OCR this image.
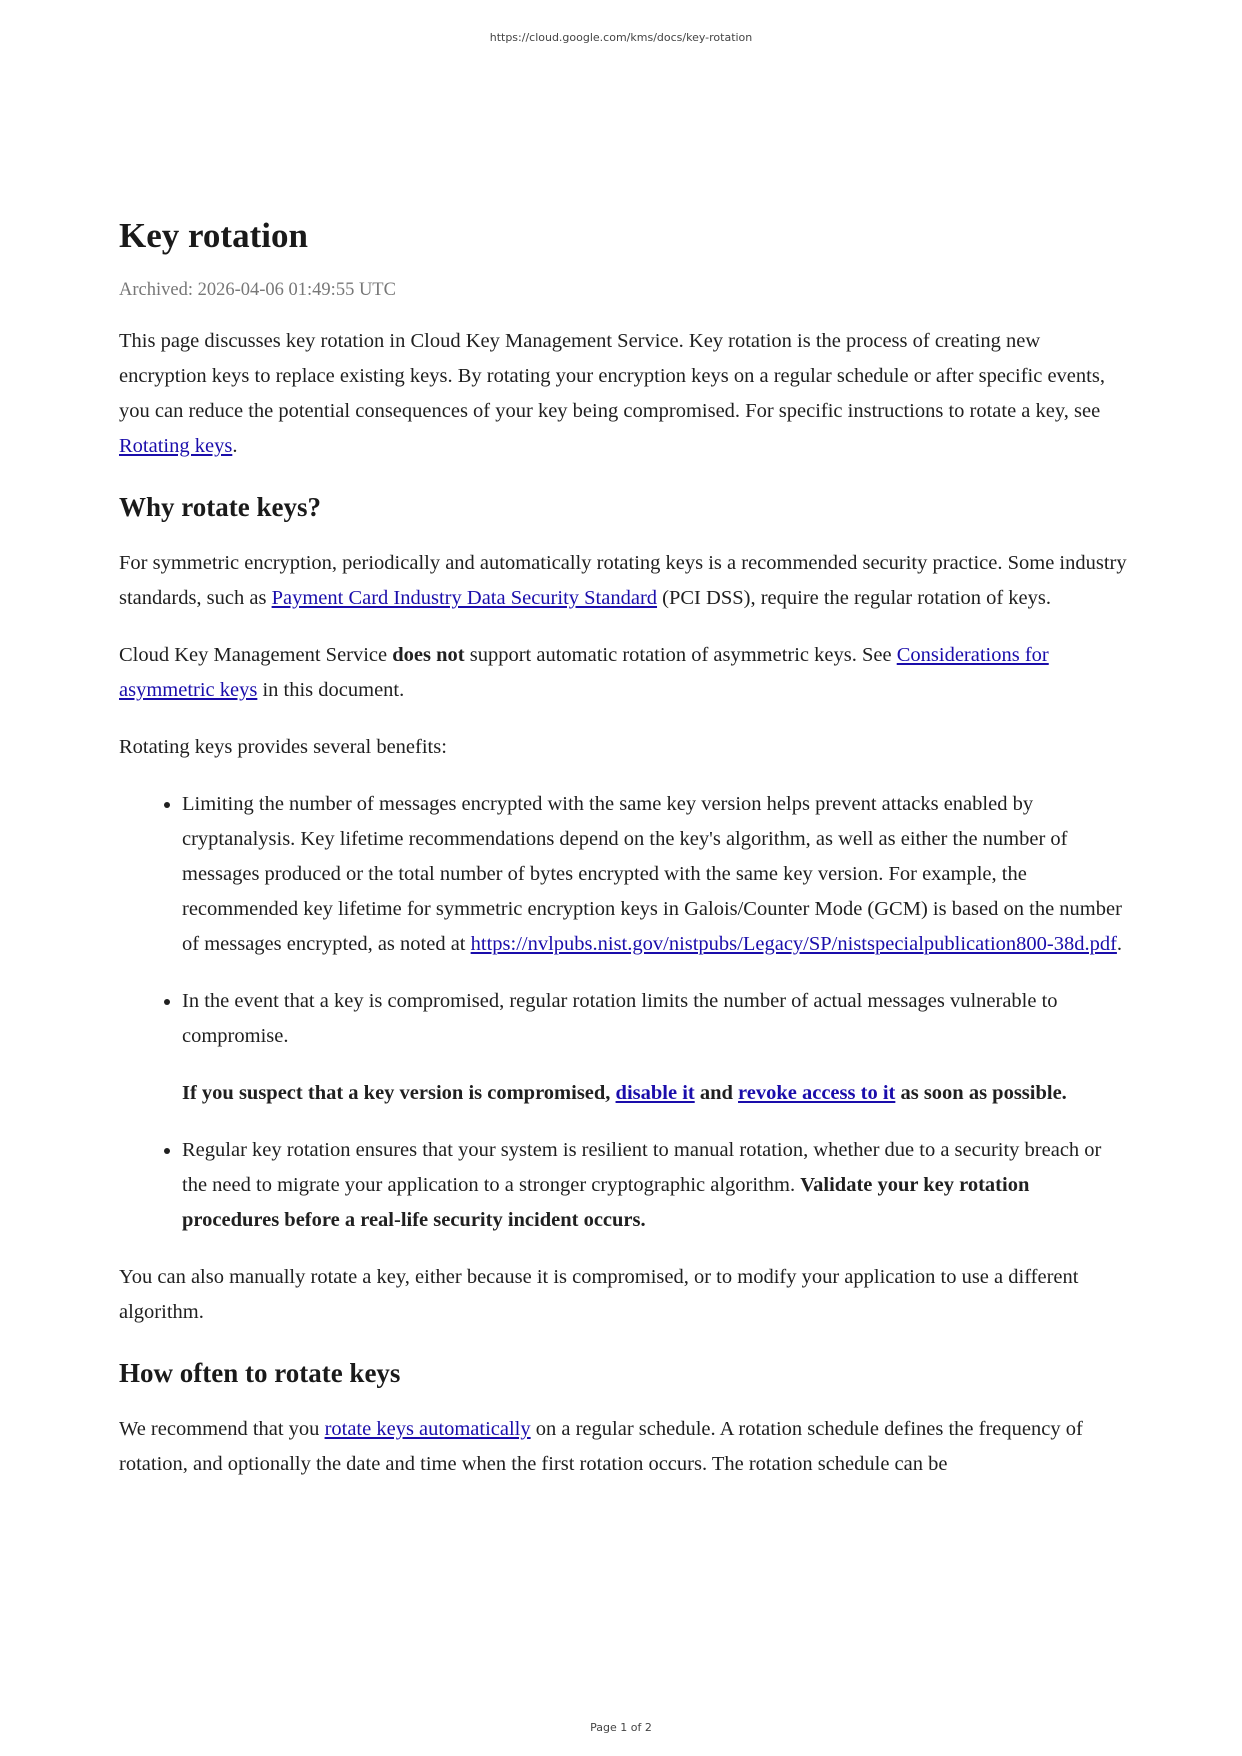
https://cloud.google.com/kms/docs/key-rotation
Key rotation
Archived: 2026-04-06 01:49:55 UTC

This page discusses key rotation in Cloud Key Management Service. Key rotation is the process of creating new encryption keys to replace existing keys. By rotating your encryption keys on a regular schedule or after specific events, you can reduce the potential consequences of your key being compromised. For specific instructions to rotate a key, see Rotating keys.

Why rotate keys?

For symmetric encryption, periodically and automatically rotating keys is a recommended security practice. Some industry standards, such as Payment Card Industry Data Security Standard (PCI DSS), require the regular rotation of keys.

Cloud Key Management Service does not support automatic rotation of asymmetric keys. See Considerations for asymmetric keys in this document.

Rotating keys provides several benefits:

• Limiting the number of messages encrypted with the same key version helps prevent attacks enabled by cryptanalysis. Key lifetime recommendations depend on the key's algorithm, as well as either the number of messages produced or the total number of bytes encrypted with the same key version. For example, the recommended key lifetime for symmetric encryption keys in Galois/Counter Mode (GCM) is based on the number of messages encrypted, as noted at https://nvlpubs.nist.gov/nistpubs/Legacy/SP/nistspecialpublication800-38d.pdf.
• In the event that a key is compromised, regular rotation limits the number of actual messages vulnerable to compromise.

If you suspect that a key version is compromised, disable it and revoke access to it as soon as possible.

• Regular key rotation ensures that your system is resilient to manual rotation, whether due to a security breach or the need to migrate your application to a stronger cryptographic algorithm. Validate your key rotation procedures before a real-life security incident occurs.

You can also manually rotate a key, either because it is compromised, or to modify your application to use a different algorithm.

How often to rotate keys

We recommend that you rotate keys automatically on a regular schedule. A rotation schedule defines the frequency of rotation, and optionally the date and time when the first rotation occurs. The rotation schedule can be

Page 1 of 2
